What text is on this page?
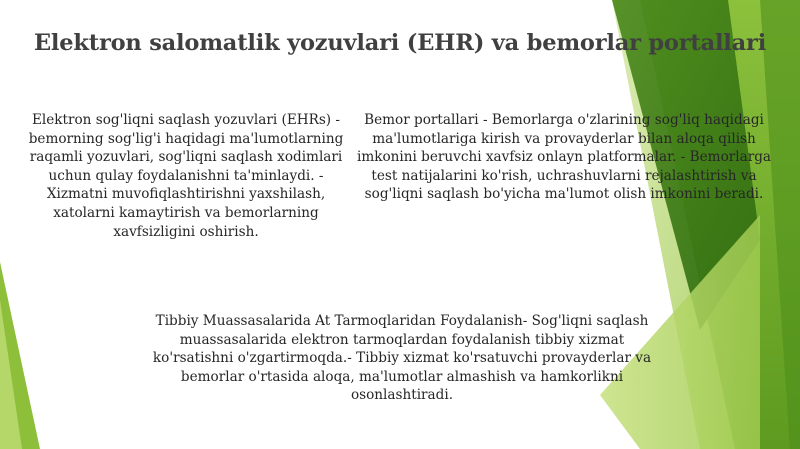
Elektron salomatlik yozuvlari (EHR) va bemorlar portallari

Elektron sog'liqni saqlash yozuvlari (EHRs) - bemorning sog'lig'i haqidagi ma'lumotlarning raqamli yozuvlari, sog'liqni saqlash xodimlari uchun qulay foydalanishni ta'minlaydi. - Xizmatni muvofiqlashtirishni yaxshilash, xatolarni kamaytirish va bemorlarning xavfsizligini oshirish.

Bemor portallari - Bemorlarga o'zlarining sog'liq haqidagi ma'lumotlariga kirish va provayderlar bilan aloqa qilish imkonini beruvchi xavfsiz onlayn platformalar. - Bemorlarga test natijalarini ko'rish, uchrashuvlarni rejalashtirish va sog'liqni saqlash bo'yicha ma'lumot olish imkonini beradi.

Tibbiy Muassasalarida At Tarmoqlaridan Foydalanish- Sog'liqni saqlash muassasalarida elektron tarmoqlardan foydalanish tibbiy xizmat ko'rsatishni o'zgartirmoqda.- Tibbiy xizmat ko'rsatuvchi provayderlar va bemorlar o'rtasida aloqa, ma'lumotlar almashish va hamkorlikni osonlashtiradi.
